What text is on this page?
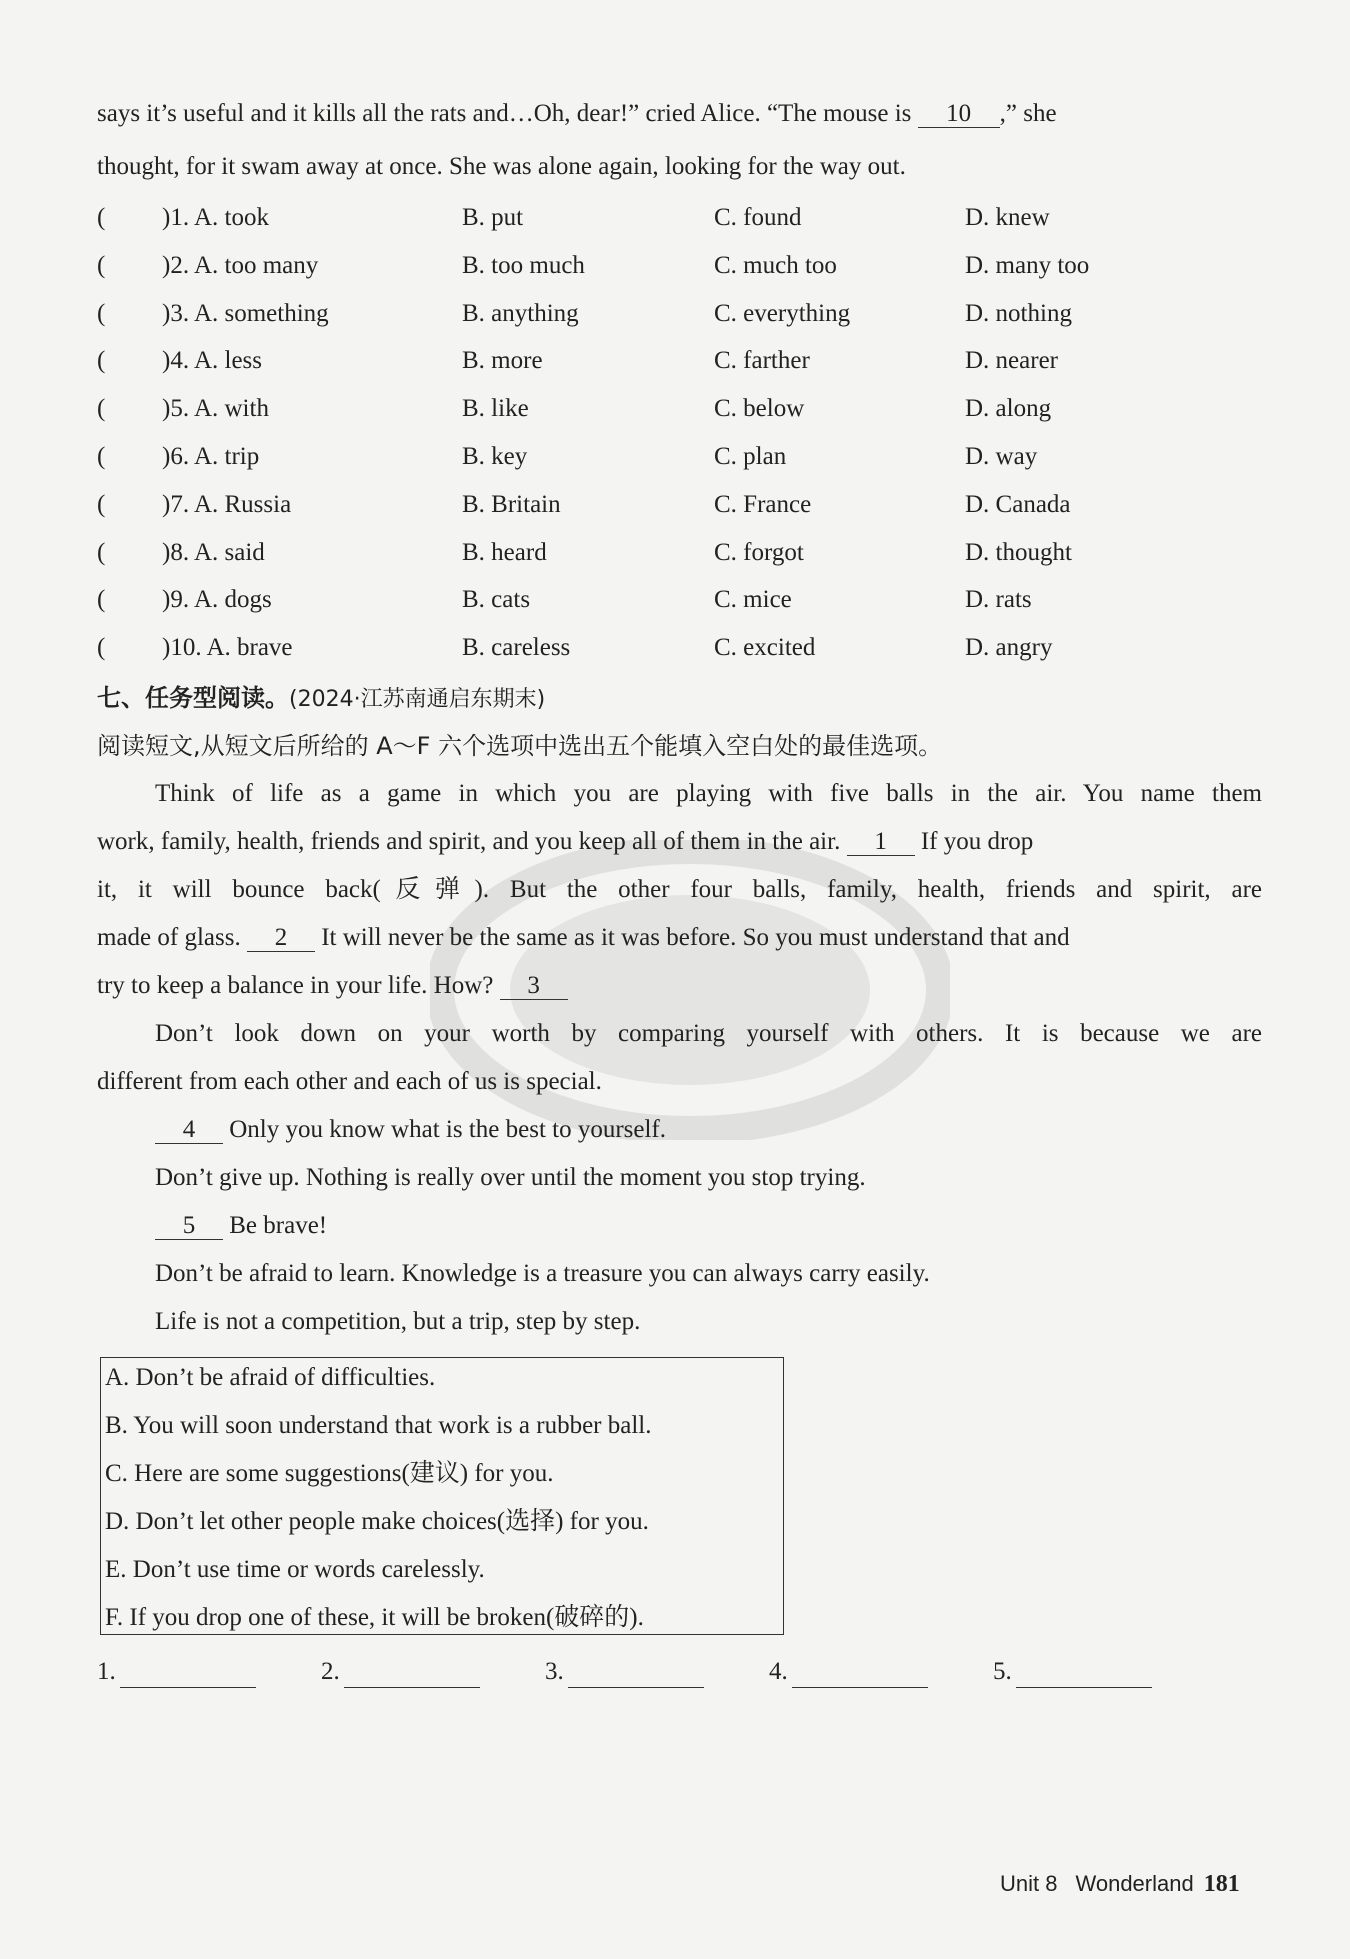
says it’s useful and it kills all the rats and…Oh, dear!” cried Alice. “The mouse is 10 ,” she
thought, for it swam away at once. She was alone again, looking for the way out.
( )1. A. took	B. put	C. found	D. knew
( )2. A. too many	B. too much	C. much too	D. many too
( )3. A. something	B. anything	C. everything	D. nothing
( )4. A. less	B. more	C. farther	D. nearer
( )5. A. with	B. like	C. below	D. along
( )6. A. trip	B. key	C. plan	D. way
( )7. A. Russia	B. Britain	C. France	D. Canada
( )8. A. said	B. heard	C. forgot	D. thought
( )9. A. dogs	B. cats	C. mice	D. rats
( )10. A. brave	B. careless	C. excited	D. angry
七、任务型阅读。(2024·江苏南通启东期末)
阅读短文,从短文后所给的 A～F 六个选项中选出五个能填入空白处的最佳选项。
Think of life as a game in which you are playing with five balls in the air. You name them
work, family, health, friends and spirit, and you keep all of them in the air. 1 If you drop
it, it will bounce back(反弹). But the other four balls, family, health, friends and spirit, are
made of glass. 2 It will never be the same as it was before. So you must understand that and
try to keep a balance in your life. How? 3
Don’t look down on your worth by comparing yourself with others. It is because we are
different from each other and each of us is special.
4 Only you know what is the best to yourself.
Don’t give up. Nothing is really over until the moment you stop trying.
5 Be brave!
Don’t be afraid to learn. Knowledge is a treasure you can always carry easily.
Life is not a competition, but a trip, step by step.
A. Don’t be afraid of difficulties.
B. You will soon understand that work is a rubber ball.
C. Here are some suggestions(建议) for you.
D. Don’t let other people make choices(选择) for you.
E. Don’t use time or words carelessly.
F. If you drop one of these, it will be broken(破碎的).
1.	2.	3.	4.	5.
Unit 8 Wonderland 181
